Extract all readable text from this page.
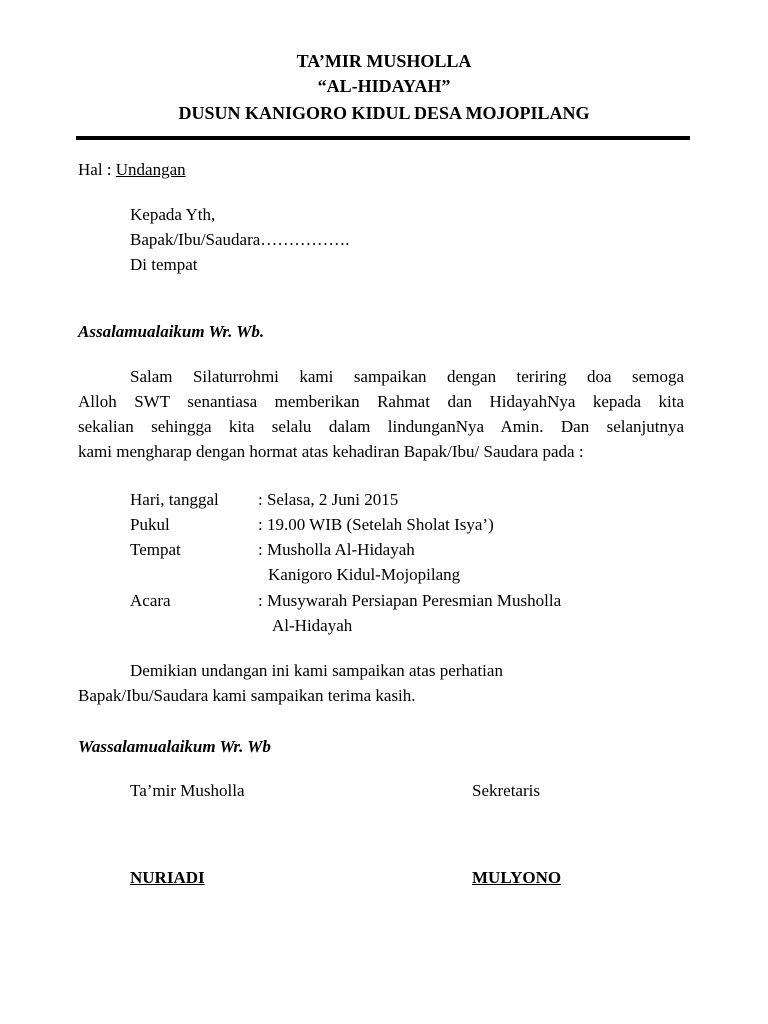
TA’MIR MUSHOLLA
“AL-HIDAYAH”
DUSUN KANIGORO KIDUL DESA MOJOPILANG
Hal : Undangan
Kepada Yth,
Bapak/Ibu/Saudara…………….
Di tempat
Assalamualaikum Wr. Wb.
Salam Silaturrohmi kami sampaikan dengan teriring doa semoga
Alloh SWT senantiasa memberikan Rahmat dan HidayahNya kepada kita
sekalian sehingga kita selalu dalam lindunganNya Amin. Dan selanjutnya
kami mengharap dengan hormat atas kehadiran Bapak/Ibu/ Saudara pada :
Hari, tanggal : Selasa, 2 Juni 2015
Pukul	: 19.00 WIB (Setelah Sholat Isya’)
Tempat	: Musholla Al-Hidayah
Kanigoro Kidul-Mojopilang
Acara	: Musywarah Persiapan Peresmian Musholla
Al-Hidayah
Demikian undangan ini kami sampaikan atas perhatian
Bapak/Ibu/Saudara kami sampaikan terima kasih.
Wassalamualaikum Wr. Wb
Ta’mir Musholla	Sekretaris
NURIADI	MULYONO
